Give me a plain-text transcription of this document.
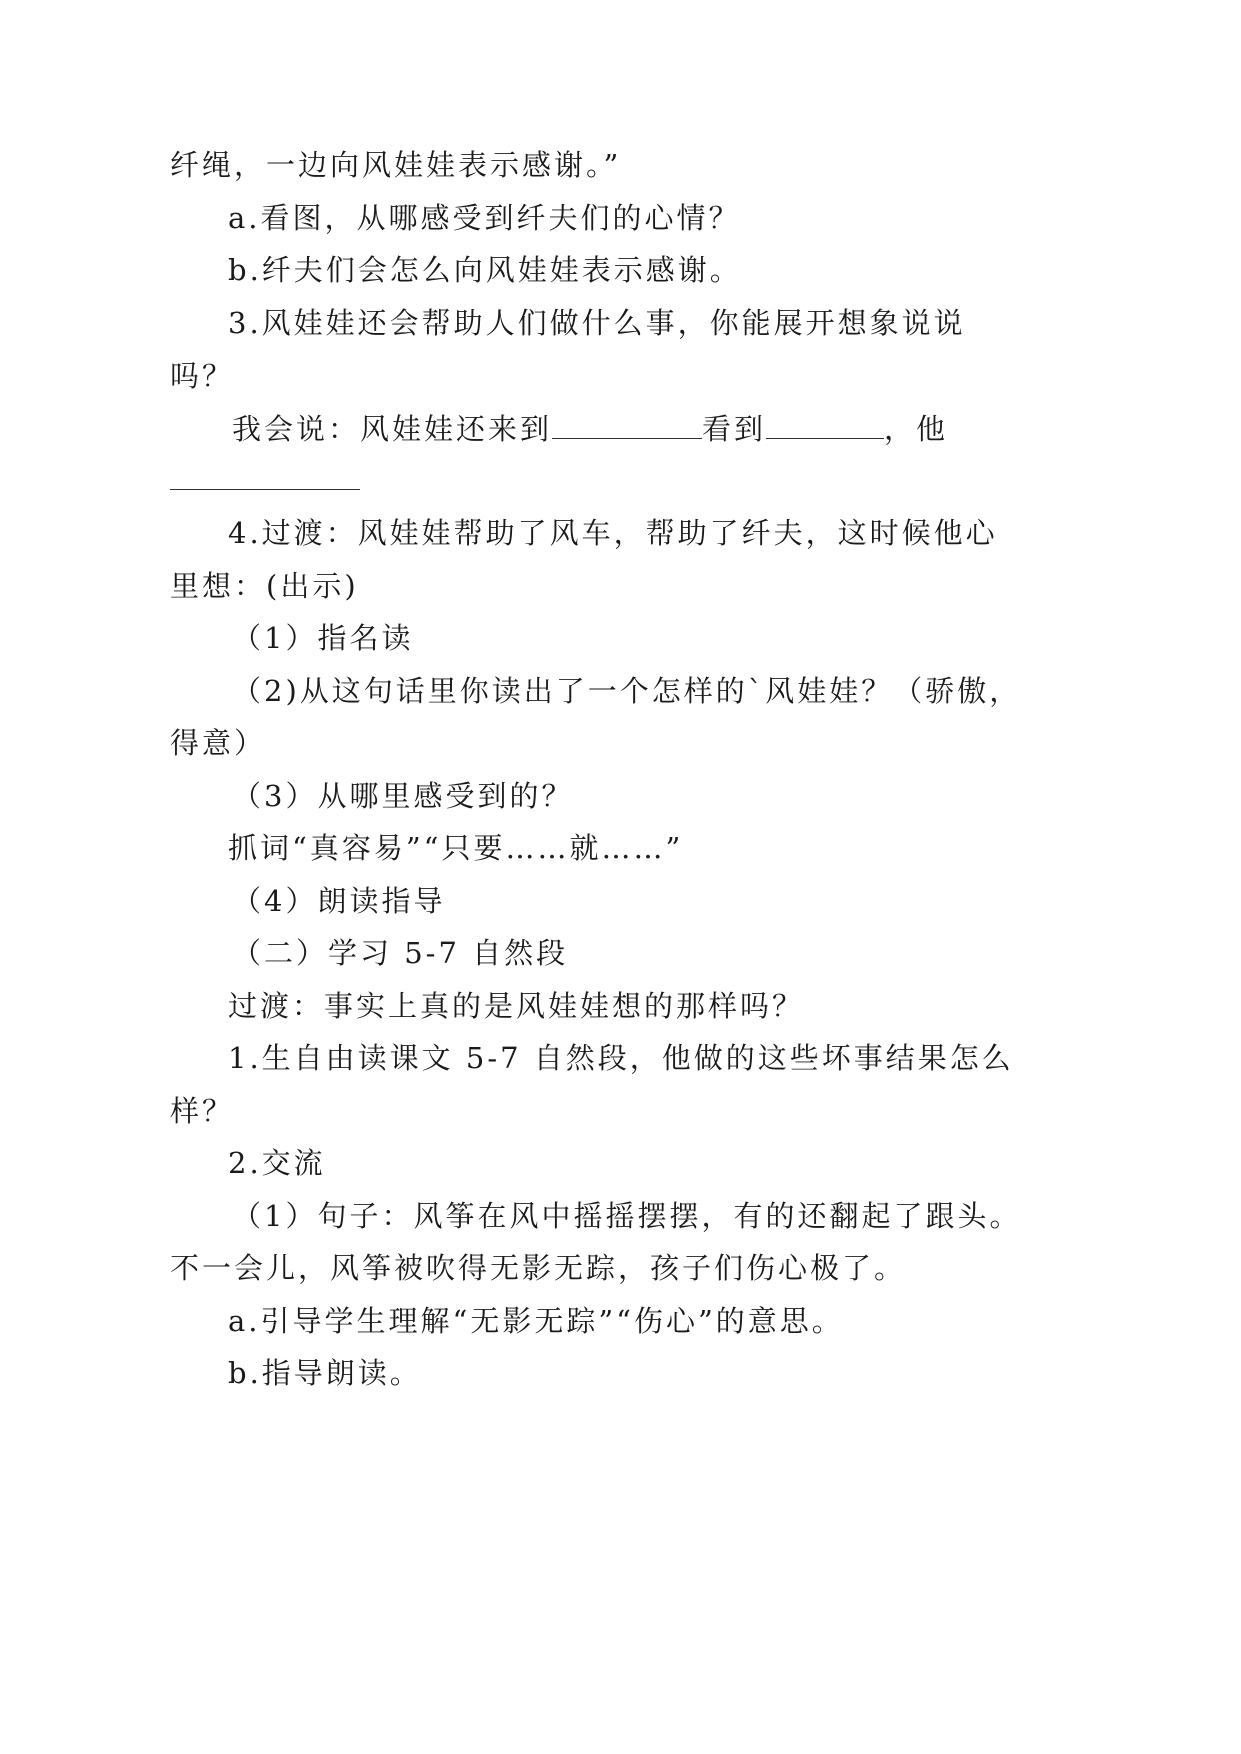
纤绳，一边向风娃娃表示感谢。”
a.看图，从哪感受到纤夫们的心情？
b.纤夫们会怎么向风娃娃表示感谢。
3.风娃娃还会帮助人们做什么事，你能展开想象说说
吗？
我会说：风娃娃还来到	看到	，他
4.过渡：风娃娃帮助了风车，帮助了纤夫，这时候他心
里想：(出示)
（1）指名读
（2)从这句话里你读出了一个怎样的`风娃娃？（骄傲，
得意）
（3）从哪里感受到的？
抓词“真容易”“只要……就……”
（4）朗读指导
（二）学习 5-7 自然段
过渡：事实上真的是风娃娃想的那样吗？
1.生自由读课文 5-7 自然段，他做的这些坏事结果怎么
样？
2.交流
（1）句子：风筝在风中摇摇摆摆，有的还翻起了跟头。
不一会儿，风筝被吹得无影无踪，孩子们伤心极了。
a.引导学生理解“无影无踪”“伤心”的意思。
b.指导朗读。
